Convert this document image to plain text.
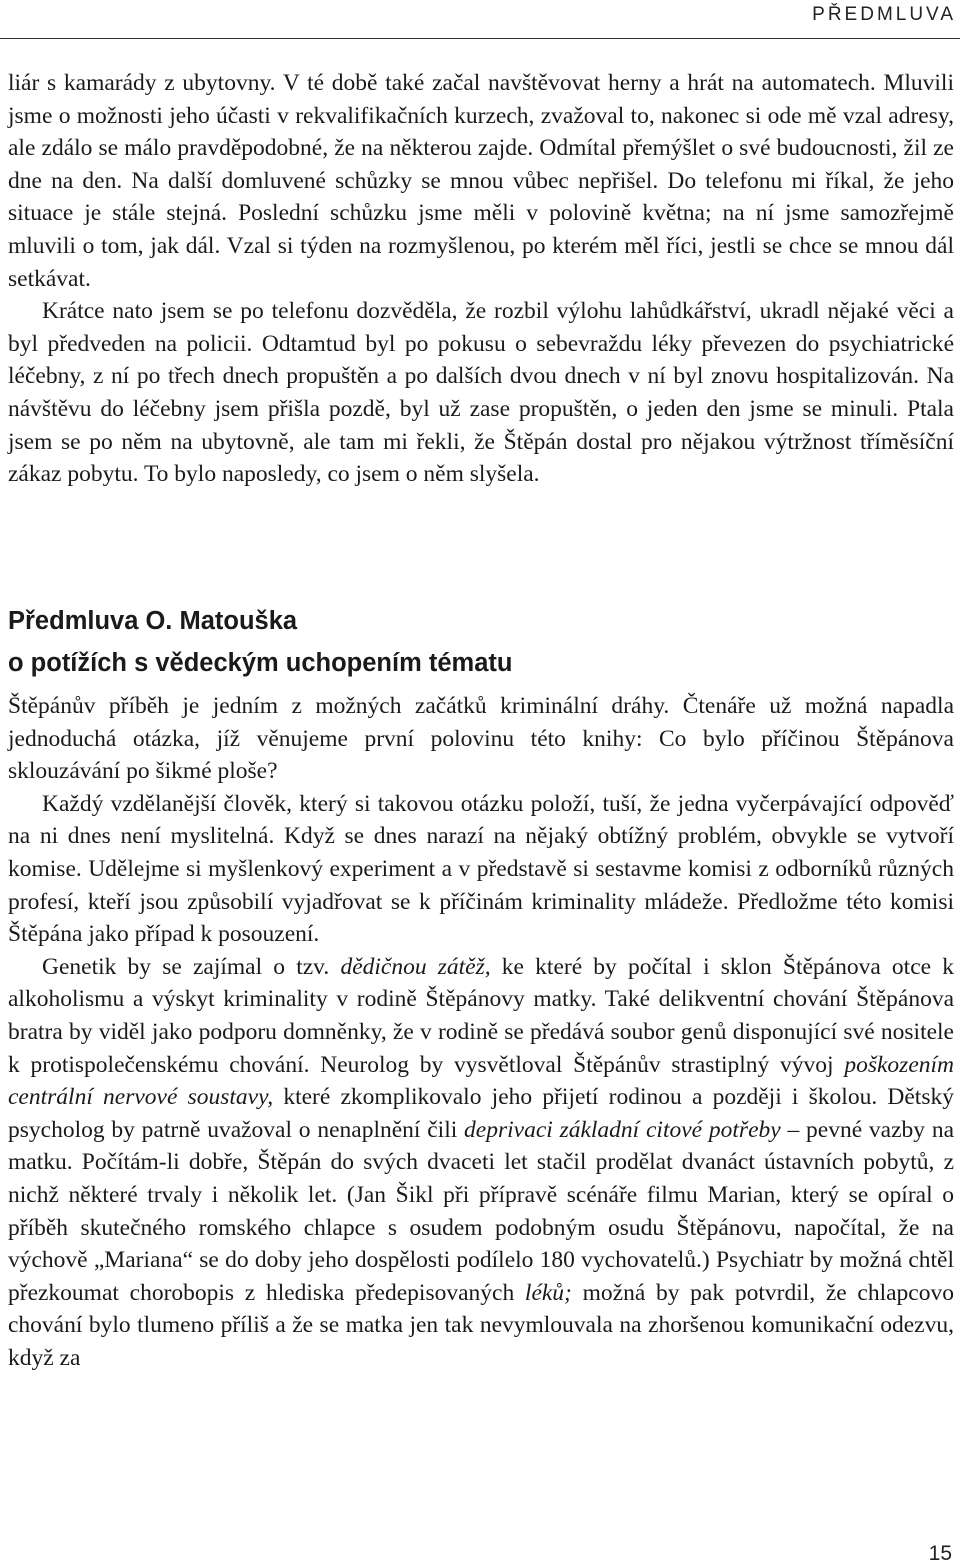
PŘEDMLUVA

liár s kamarády z ubytovny. V té době také začal navštěvovat herny a hrát na automatech. Mluvili jsme o možnosti jeho účasti v rekvalifikačních kurzech, zvažoval to, nakonec si ode mě vzal adresy, ale zdálo se málo pravděpodobné, že na některou zajde. Odmítal přemýšlet o své budoucnosti, žil ze dne na den. Na další domluvené schůzky se mnou vůbec nepřišel. Do telefonu mi říkal, že jeho situace je stále stejná. Poslední schůzku jsme měli v polovině května; na ní jsme samozřejmě mluvili o tom, jak dál. Vzal si týden na rozmyšlenou, po kterém měl říci, jestli se chce se mnou dál setkávat.

Krátce nato jsem se po telefonu dozvěděla, že rozbil výlohu lahůdkářství, ukradl nějaké věci a byl předveden na policii. Odtamtud byl po pokusu o sebevraždu léky převezen do psychiatrické léčebny, z ní po třech dnech propuštěn a po dalších dvou dnech v ní byl znovu hospitalizován. Na návštěvu do léčebny jsem přišla pozdě, byl už zase propuštěn, o jeden den jsme se minuli. Ptala jsem se po něm na ubytovně, ale tam mi řekli, že Štěpán dostal pro nějakou výtržnost tříměsíční zákaz pobytu. To bylo naposledy, co jsem o něm slyšela.

Předmluva O. Matouška
o potížích s vědeckým uchopením tématu

Štěpánův příběh je jedním z možných začátků kriminální dráhy. Čtenáře už možná napadla jednoduchá otázka, jíž věnujeme první polovinu této knihy: Co bylo příčinou Štěpánova sklouzávání po šikmé ploše?

Každý vzdělanější člověk, který si takovou otázku položí, tuší, že jedna vyčerpávající odpověď na ni dnes není myslitelná. Když se dnes narazí na nějaký obtížný problém, obvykle se vytvoří komise. Udělejme si myšlenkový experiment a v představě si sestavme komisi z odborníků různých profesí, kteří jsou způsobilí vyjadřovat se k příčinám kriminality mládeže. Předložme této komisi Štěpána jako případ k posouzení.

Genetik by se zajímal o tzv. dědičnou zátěž, ke které by počítal i sklon Štěpánova otce k alkoholismu a výskyt kriminality v rodině Štěpánovy matky. Také delikventní chování Štěpánova bratra by viděl jako podporu domněnky, že v rodině se předává soubor genů disponující své nositele k protispolečenskému chování. Neurolog by vysvětloval Štěpánův strastiplný vývoj poškozením centrální nervové soustavy, které zkomplikovalo jeho přijetí rodinou a později i školou. Dětský psycholog by patrně uvažoval o nenaplnění čili deprivaci základní citové potřeby – pevné vazby na matku. Počítám-li dobře, Štěpán do svých dvaceti let stačil prodělat dvanáct ústavních pobytů, z nichž některé trvaly i několik let. (Jan Šikl při přípravě scénáře filmu Marian, který se opíral o příběh skutečného romského chlapce s osudem podobným osudu Štěpánovu, napočítal, že na výchově „Mariana“ se do doby jeho dospělosti podílelo 180 vychovatelů.) Psychiatr by možná chtěl přezkoumat chorobopis z hlediska předepisovaných léků; možná by pak potvrdil, že chlapcovo chování bylo tlumeno příliš a že se matka jen tak nevymlouvala na zhoršenou komunikační odezvu, když za

15
